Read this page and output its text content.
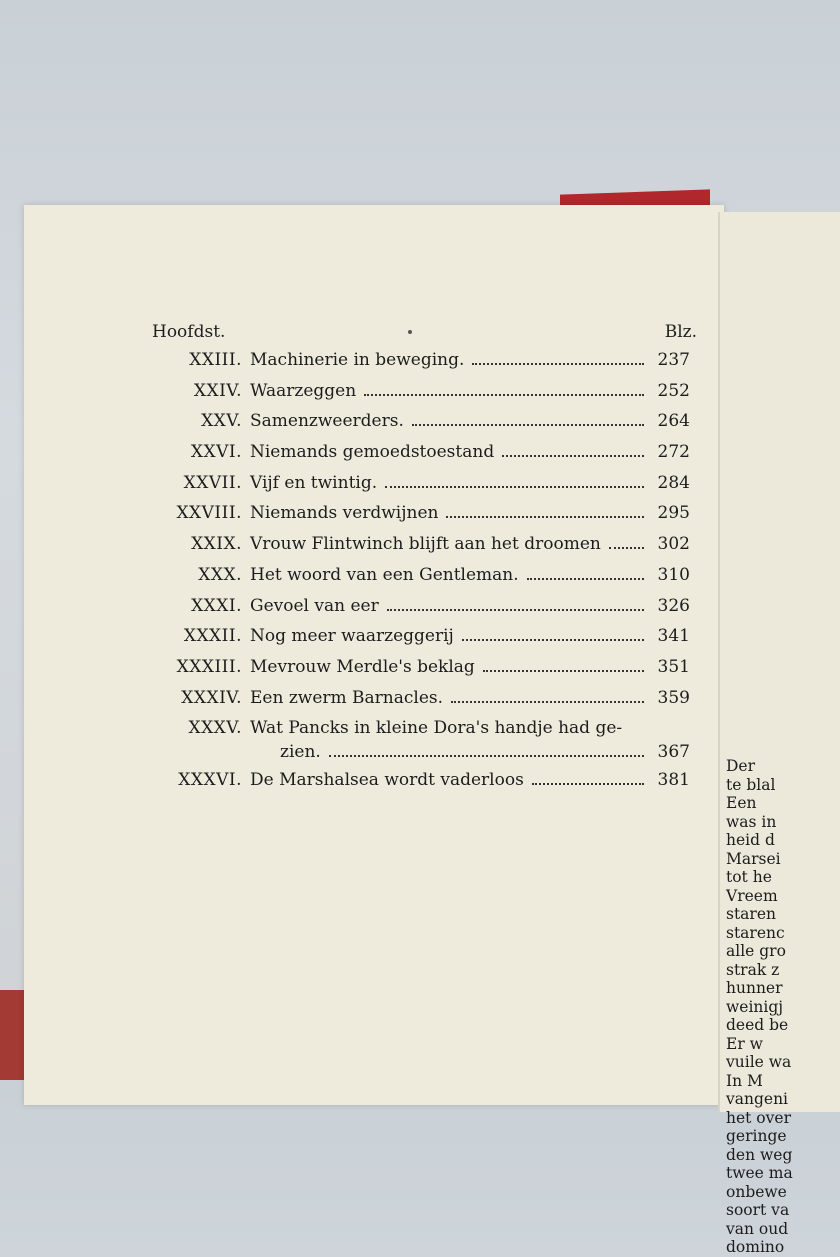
Hoofdst.	Blz.
XXIII. Machinerie in beweging.	237
XXIV. Waarzeggen	252
XXV. Samenzweerders.	264
XXVI. Niemands gemoedstoestand	272
XXVII. Vijf en twintig.	284
XXVIII. Niemands verdwijnen	295
XXIX. Vrouw Flintwinch blijft aan het droomen	302
XXX. Het woord van een Gentleman.	310
XXXI. Gevoel van eer	326
XXXII. Nog meer waarzeggerij	341
XXXIII. Mevrouw Merdle's beklag	351
XXXIV. Een zwerm Barnacles.	359
XXXV. Wat Pancks in kleine Dora's handje had ge-
zien.	367
XXXVI. De Marshalsea wordt vaderloos	381
Der
te blal
Een
was in
heid d
Marsei
tot he
Vreem
staren
starenc
alle gro
strak z
hunner
weinigj
deed be
Er w
vuile wa
In M
vangeni
het over
geringe
den weg
twee ma
onbewe
soort va
van oud
domino
